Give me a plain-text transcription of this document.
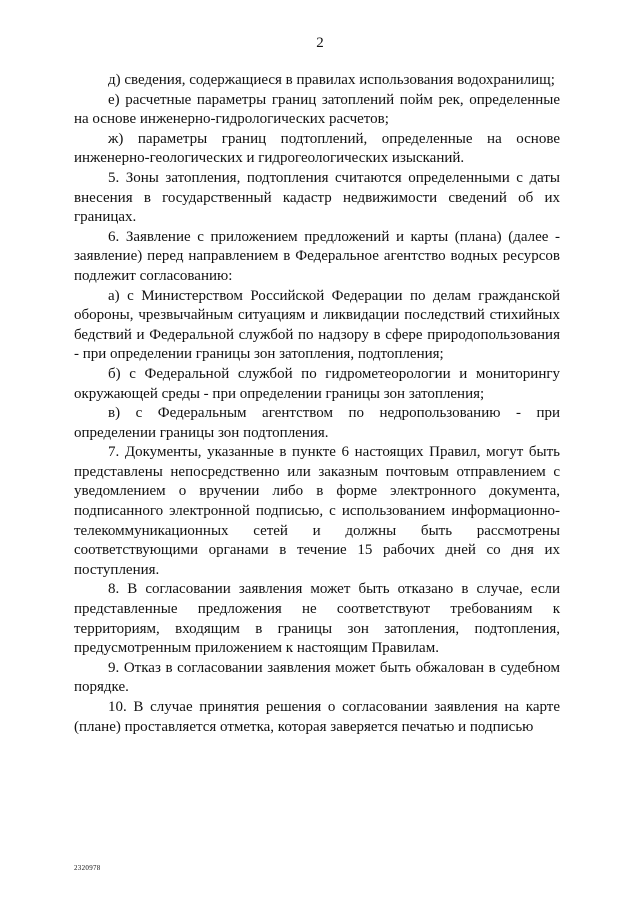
2

д) сведения, содержащиеся в правилах использования водохранилищ;

е) расчетные параметры границ затоплений пойм рек, определенные на основе инженерно-гидрологических расчетов;

ж) параметры границ подтоплений, определенные на основе инженерно-геологических и гидрогеологических изысканий.

5. Зоны затопления, подтопления считаются определенными с даты внесения в государственный кадастр недвижимости сведений об их границах.

6. Заявление с приложением предложений и карты (плана) (далее - заявление) перед направлением в Федеральное агентство водных ресурсов подлежит согласованию:

а) с Министерством Российской Федерации по делам гражданской обороны, чрезвычайным ситуациям и ликвидации последствий стихийных бедствий и Федеральной службой по надзору в сфере природопользования - при определении границы зон затопления, подтопления;

б) с Федеральной службой по гидрометеорологии и мониторингу окружающей среды - при определении границы зон затопления;

в) с Федеральным агентством по недропользованию - при определении границы зон подтопления.

7. Документы, указанные в пункте 6 настоящих Правил, могут быть представлены непосредственно или заказным почтовым отправлением с уведомлением о вручении либо в форме электронного документа, подписанного электронной подписью, с использованием информационно-телекоммуникационных сетей и должны быть рассмотрены соответствующими органами в течение 15 рабочих дней со дня их поступления.

8. В согласовании заявления может быть отказано в случае, если представленные предложения не соответствуют требованиям к территориям, входящим в границы зон затопления, подтопления, предусмотренным приложением к настоящим Правилам.

9. Отказ в согласовании заявления может быть обжалован в судебном порядке.

10. В случае принятия решения о согласовании заявления на карте (плане) проставляется отметка, которая заверяется печатью и подписью

2320978
